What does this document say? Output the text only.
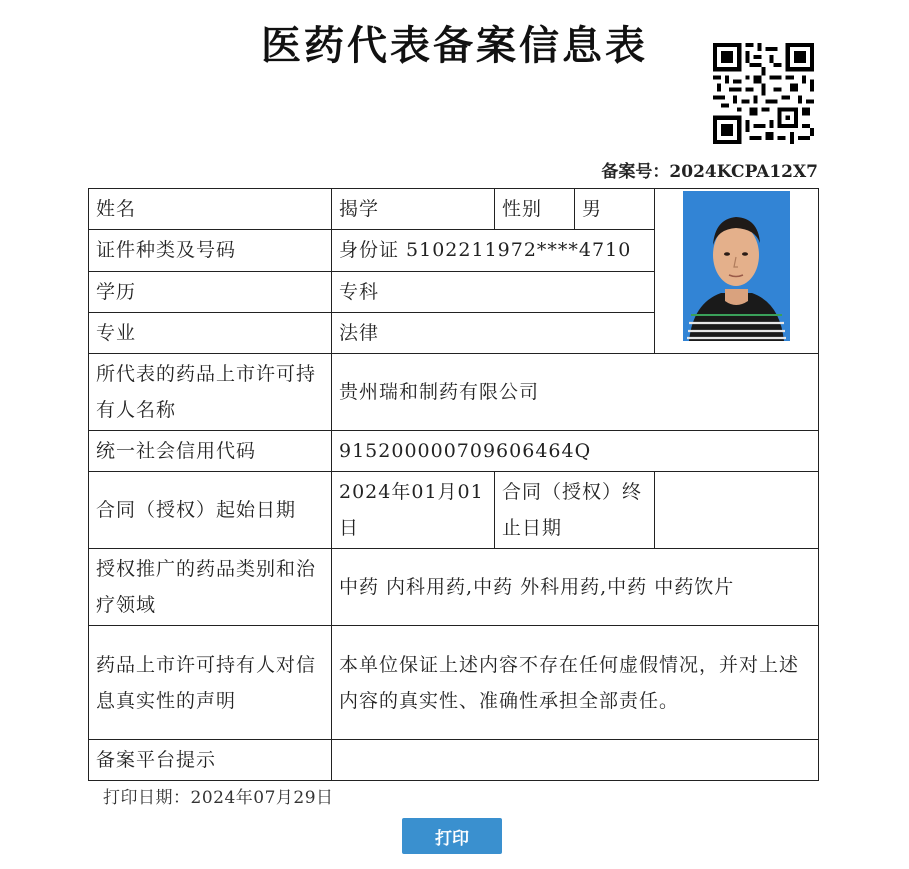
医药代表备案信息表
备案号：2024KCPA12X7
姓名	揭学	性别	男	
证件种类及号码	身份证 5102211972****4710			
学历	专科			
专业	法律			
所代表的药品上市许可持有人名称	贵州瑞和制药有限公司			
统一社会信用代码	915200000709606464Q			
合同（授权）起始日期	2024年01月01日	合同（授权）终止日期		
授权推广的药品类别和治疗领域	中药 内科用药,中药 外科用药,中药 中药饮片			
药品上市许可持有人对信息真实性的声明	本单位保证上述内容不存在任何虚假情况，并对上述内容的真实性、准确性承担全部责任。			
备案平台提示				
打印日期：2024年07月29日
打印
